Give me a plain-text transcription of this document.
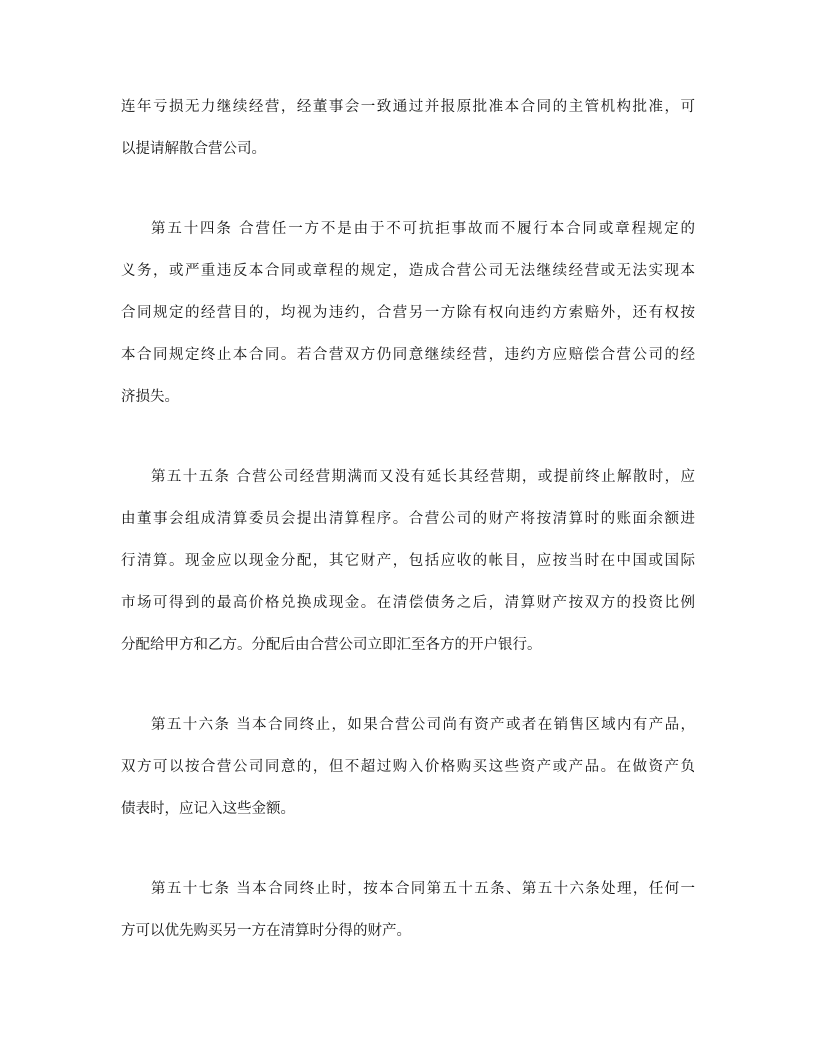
连年亏损无力继续经营，经董事会一致通过并报原批准本合同的主管机构批准，可
以提请解散合营公司。
第五十四条 合营任一方不是由于不可抗拒事故而不履行本合同或章程规定的
义务，或严重违反本合同或章程的规定，造成合营公司无法继续经营或无法实现本
合同规定的经营目的，均视为违约，合营另一方除有权向违约方索赔外，还有权按
本合同规定终止本合同。若合营双方仍同意继续经营，违约方应赔偿合营公司的经
济损失。
第五十五条 合营公司经营期满而又没有延长其经营期，或提前终止解散时，应
由董事会组成清算委员会提出清算程序。合营公司的财产将按清算时的账面余额进
行清算。现金应以现金分配，其它财产，包括应收的帐目，应按当时在中国或国际
市场可得到的最高价格兑换成现金。在清偿债务之后，清算财产按双方的投资比例
分配给甲方和乙方。分配后由合营公司立即汇至各方的开户银行。
第五十六条 当本合同终止，如果合营公司尚有资产或者在销售区域内有产品，
双方可以按合营公司同意的，但不超过购入价格购买这些资产或产品。在做资产负
债表时，应记入这些金额。
第五十七条 当本合同终止时，按本合同第五十五条、第五十六条处理，任何一
方可以优先购买另一方在清算时分得的财产。
